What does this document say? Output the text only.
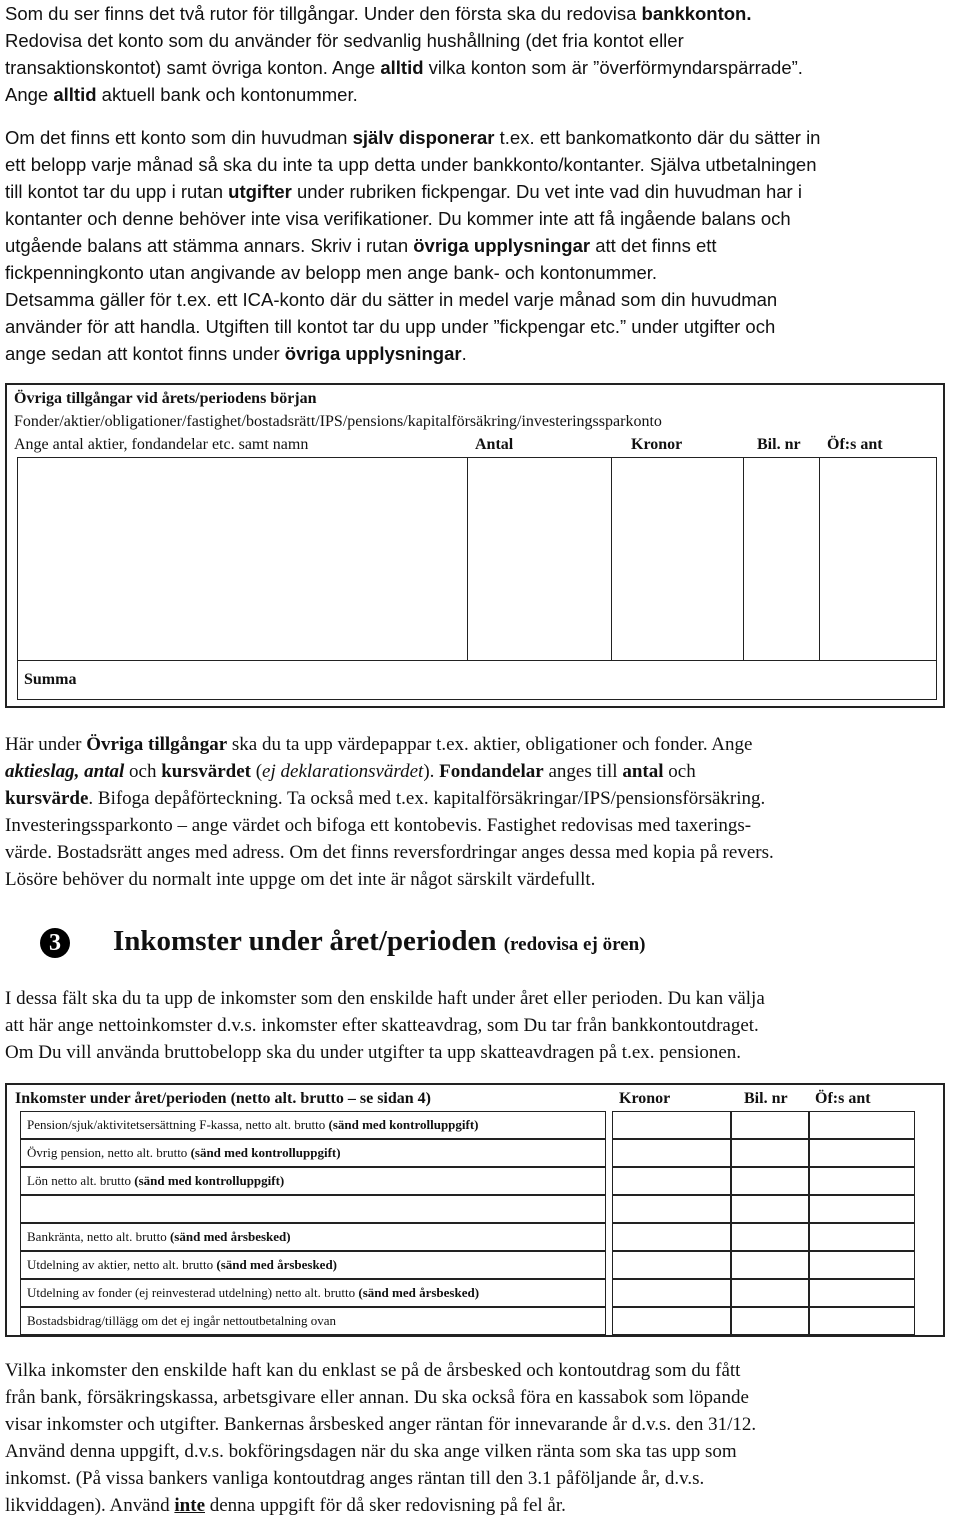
Som du ser finns det två rutor för tillgångar. Under den första ska du redovisa bankkonton.
Redovisa det konto som du använder för sedvanlig hushållning (det fria kontot eller
transaktionskontot) samt övriga konton. Ange alltid vilka konton som är ”överförmyndarspärrade”.
Ange alltid aktuell bank och kontonummer.
Om det finns ett konto som din huvudman själv disponerar t.ex. ett bankomatkonto där du sätter in
ett belopp varje månad så ska du inte ta upp detta under bankkonto/kontanter. Själva utbetalningen
till kontot tar du upp i rutan utgifter under rubriken fickpengar. Du vet inte vad din huvudman har i
kontanter och denne behöver inte visa verifikationer. Du kommer inte att få ingående balans och
utgående balans att stämma annars. Skriv i rutan övriga upplysningar att det finns ett
fickpenningkonto utan angivande av belopp men ange bank- och kontonummer.
Detsamma gäller för t.ex. ett ICA-konto där du sätter in medel varje månad som din huvudman
använder för att handla. Utgiften till kontot tar du upp under ”fickpengar etc.” under utgifter och
ange sedan att kontot finns under övriga upplysningar.
Övriga tillgångar vid årets/periodens början
Fonder/aktier/obligationer/fastighet/bostadsrätt/IPS/pensions/kapitalförsäkring/investeringssparkonto
Ange antal aktier, fondandelar etc. samt namn	Antal	Kronor	Bil. nr Öf:s ant
Summa
Här under Övriga tillgångar ska du ta upp värdepappar t.ex. aktier, obligationer och fonder. Ange
aktieslag, antal och kursvärdet (ej deklarationsvärdet). Fondandelar anges till antal och
kursvärde. Bifoga depåförteckning. Ta också med t.ex. kapitalförsäkringar/IPS/pensionsförsäkring.
Investeringssparkonto – ange värdet och bifoga ett kontobevis. Fastighet redovisas med taxerings-
värde. Bostadsrätt anges med adress. Om det finns reversfordringar anges dessa med kopia på revers.
Lösöre behöver du normalt inte uppge om det inte är något särskilt värdefullt.
3	Inkomster under året/perioden (redovisa ej ören)
I dessa fält ska du ta upp de inkomster som den enskilde haft under året eller perioden. Du kan välja
att här ange nettoinkomster d.v.s. inkomster efter skatteavdrag, som Du tar från bankkontoutdraget.
Om Du vill använda bruttobelopp ska du under utgifter ta upp skatteavdragen på t.ex. pensionen.
Inkomster under året/perioden (netto alt. brutto – se sidan 4)	Kronor	Bil. nr Öf:s ant
Pension/sjuk/aktivitetsersättning F-kassa, netto alt. brutto (sänd med kontrolluppgift)
Övrig pension, netto alt. brutto (sänd med kontrolluppgift)
Lön netto alt. brutto (sänd med kontrolluppgift)
Bankränta, netto alt. brutto (sänd med årsbesked)
Utdelning av aktier, netto alt. brutto (sänd med årsbesked)
Utdelning av fonder (ej reinvesterad utdelning) netto alt. brutto (sänd med årsbesked)
Bostadsbidrag/tillägg om det ej ingår nettoutbetalning ovan
Vilka inkomster den enskilde haft kan du enklast se på de årsbesked och kontoutdrag som du fått
från bank, försäkringskassa, arbetsgivare eller annan. Du ska också föra en kassabok som löpande
visar inkomster och utgifter. Bankernas årsbesked anger räntan för innevarande år d.v.s. den 31/12.
Använd denna uppgift, d.v.s. bokföringsdagen när du ska ange vilken ränta som ska tas upp som
inkomst. (På vissa bankers vanliga kontoutdrag anges räntan till den 3.1 påföljande år, d.v.s.
likviddagen). Använd inte denna uppgift för då sker redovisning på fel år.
